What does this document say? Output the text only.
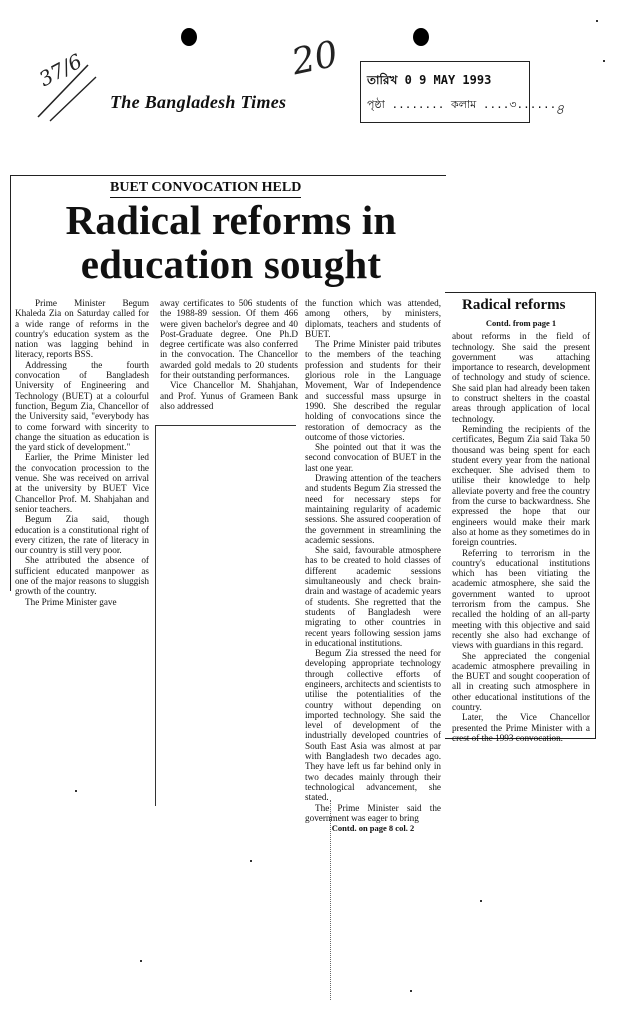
37/6	20
৪
The Bangladesh Times
তারিখ 0 9 MAY 1993
পৃষ্ঠা ........ কলাম ....৩......
BUET CONVOCATION HELD
Radical reforms in education sought

Prime Minister Begum Khaleda Zia on Saturday called for a wide range of reforms in the country's education system as the nation was lagging behind in literacy, reports BSS.

Addressing the fourth convocation of Bangladesh University of Engineering and Technology (BUET) at a colourful function, Begum Zia, Chancellor of the University said, "everybody has to come forward with sincerity to change the situation as education is the yard stick of development."

Earlier, the Prime Minister led the convocation procession to the venue. She was received on arrival at the university by BUET Vice Chancellor Prof. M. Shahjahan and senior teachers.

Begum Zia said, though education is a constitutional right of every citizen, the rate of literacy in our country is still very poor.

She attributed the absence of sufficient educated manpower as one of the major reasons to sluggish growth of the country.

The Prime Minister gave

away certificates to 506 students of the 1988-89 session. Of them 466 were given bachelor's degree and 40 Post-Graduate degree. One Ph.D degree certificate was also conferred in the convocation. The Chancellor awarded gold medals to 20 students for their outstanding performances.

Vice Chancellor M. Shahjahan, and Prof. Yunus of Grameen Bank also addressed

the function which was attended, among others, by ministers, diplomats, teachers and students of BUET.

The Prime Minister paid tributes to the members of the teaching profession and students for their glorious role in the Language Movement, War of Independence and successful mass upsurge in 1990. She described the regular holding of convocations since the restoration of democracy as the outcome of those victories.

She pointed out that it was the second convocation of BUET in the last one year.

Drawing attention of the teachers and students Begum Zia stressed the need for necessary steps for maintaining regularity of academic sessions. She assured cooperation of the government in streamlining the academic sessions.

She said, favourable atmosphere has to be created to hold classes of different academic sessions simultaneously and check brain-drain and wastage of academic years of students. She regretted that the students of Bangladesh were migrating to other countries in recent years following session jams in educational institutions.

Begum Zia stressed the need for developing appropriate technology through collective efforts of engineers, architects and scientists to utilise the potentialities of the country without depending on imported technology. She said the level of development of the industrially developed countries of South East Asia was almost at par with Bangladesh two decades ago. They have left us far behind only in two decades mainly through their technological advancement, she stated.

The Prime Minister said the government was eager to bring

Contd. on page 8 col. 2

Radical reforms

Contd. from page 1

about reforms in the field of technology. She said the present government was attaching importance to research, development of technology and study of science. She said plan had already been taken to construct shelters in the coastal areas through application of local technology.

Reminding the recipients of the certificates, Begum Zia said Taka 50 thousand was being spent for each student every year from the national exchequer. She advised them to utilise their knowledge to help alleviate poverty and free the country from the curse to backwardness. She expressed the hope that our engineers would make their mark also at home as they sometimes do in foreign countries.

Referring to terrorism in the country's educational institutions which has been vitiating the academic atmosphere, she said the government wanted to uproot terrorism from the campus. She recalled the holding of an all-party meeting with this objective and said recently she also had exchange of views with guardians in this regard.

She appreciated the congenial academic atmosphere prevailing in the BUET and sought cooperation of all in creating such atmosphere in other educational institutions of the country.

Later, the Vice Chancellor presented the Prime Minister with a crest of the 1993 convocation.
